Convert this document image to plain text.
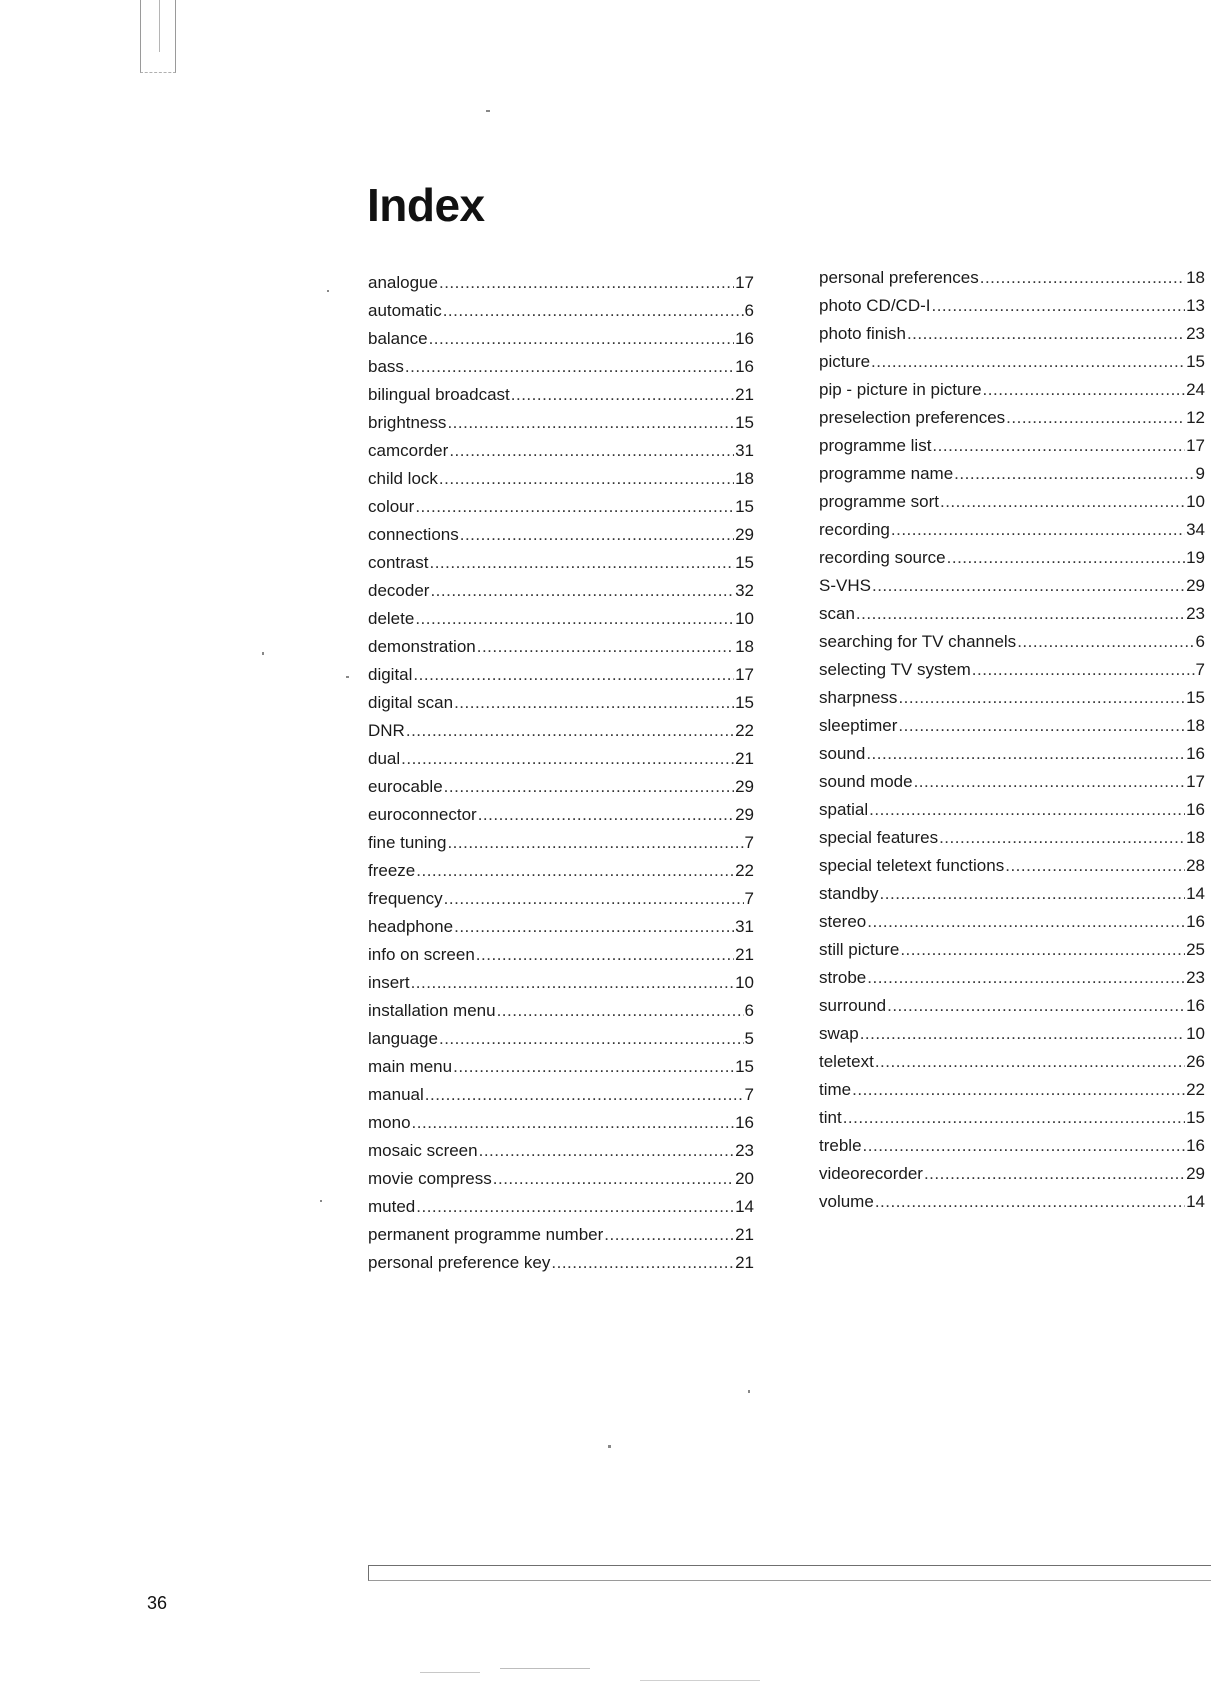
Index
analogue .....	17
automatic .....	6
balance .....	16
bass .....	16
bilingual broadcast .....	21
brightness .....	15
camcorder .....	31
child lock .....	18
colour .....	15
connections .....	29
contrast .....	15
decoder .....	32
delete .....	10
demonstration .....	18
digital .....	17
digital scan .....	15
DNR .....	22
dual .....	21
eurocable .....	29
euroconnector .....	29
fine tuning .....	7
freeze .....	22
frequency .....	7
headphone .....	31
info on screen .....	21
insert .....	10
installation menu .....	6
language .....	5
main menu .....	15
manual .....	7
mono .....	16
mosaic screen .....	23
movie compress .....	20
muted .....	14
permanent programme number .....	21
personal preference key .....	21
personal preferences .....	18
photo CD/CD-I .....	13
photo finish .....	23
picture .....	15
pip - picture in picture .....	24
preselection preferences .....	12
programme list .....	17
programme name .....	9
programme sort .....	10
recording .....	34
recording source .....	19
S-VHS .....	29
scan .....	23
searching for TV channels .....	6
selecting TV system .....	7
sharpness .....	15
sleeptimer .....	18
sound .....	16
sound mode .....	17
spatial .....	16
special features .....	18
special teletext functions .....	28
standby .....	14
stereo .....	16
still picture .....	25
strobe .....	23
surround .....	16
swap .....	10
teletext .....	26
time .....	22
tint .....	15
treble .....	16
videorecorder .....	29
volume .....	14
36
